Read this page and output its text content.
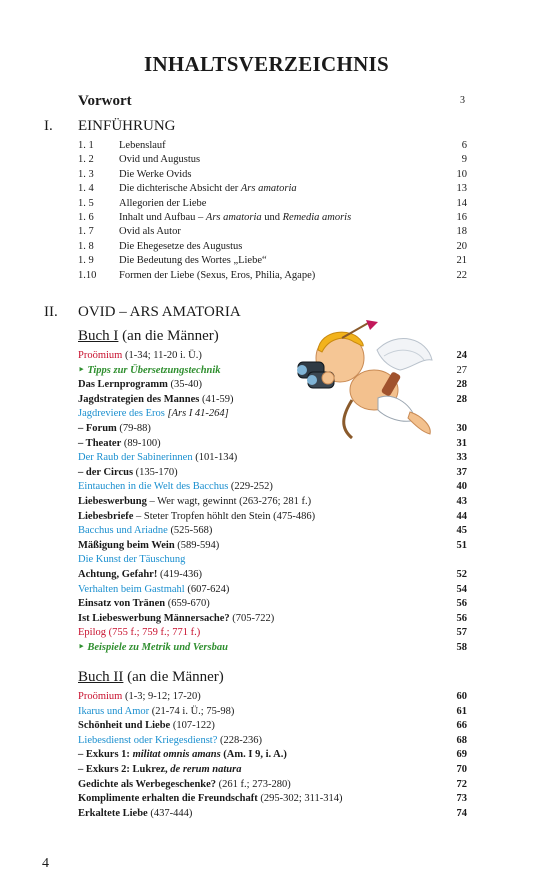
INHALTSVERZEICHNIS
Vorwort	3
I. EINFÜHRUNG
1. 1	Lebenslauf	6
1. 2	Ovid und Augustus	9
1. 3	Die Werke Ovids	10
1. 4	Die dichterische Absicht der Ars amatoria	13
1. 5	Allegorien der Liebe	14
1. 6	Inhalt und Aufbau – Ars amatoria und Remedia amoris	16
1. 7	Ovid als Autor	18
1. 8	Die Ehegesetze des Augustus	20
1. 9	Die Bedeutung des Wortes „Liebe“	21
1.10	Formen der Liebe (Sexus, Eros, Philia, Agape)	22
II. OVID – ARS AMATORIA
Buch I (an die Männer)
Proömium (1-34; 11-20 i. Ü.)	24
‣ Tipps zur Übersetzungstechnik	27
Das Lernprogramm (35-40)	28
Jagdstrategien des Mannes (41-59)	28
Jagdreviere des Eros [Ars I 41-264]
– Forum (79-88)	30
– Theater (89-100)	31
Der Raub der Sabinerinnen (101-134)	33
– der Circus (135-170)	37
Eintauchen in die Welt des Bacchus (229-252)	40
Liebeswerbung – Wer wagt, gewinnt (263-276; 281 f.)	43
Liebesbriefe – Steter Tropfen höhlt den Stein (475-486)	44
Bacchus und Ariadne (525-568)	45
Mäßigung beim Wein (589-594)	51
Die Kunst der Täuschung
Achtung, Gefahr! (419-436)	52
Verhalten beim Gastmahl (607-624)	54
Einsatz von Tränen (659-670)	56
Ist Liebeswerbung Männersache? (705-722)	56
Epilog (755 f.; 759 f.; 771 f.)	57
‣ Beispiele zu Metrik und Versbau	58
Buch II (an die Männer)
Proömium (1-3; 9-12; 17-20)	60
Ikarus und Amor (21-74 i. Ü.; 75-98)	61
Schönheit und Liebe (107-122)	66
Liebesdienst oder Kriegesdienst? (228-236)	68
– Exkurs 1: militat omnis amans (Am. I 9, i. A.)	69
– Exkurs 2: Lukrez, de rerum natura	70
Gedichte als Werbegeschenke? (261 f.; 273-280)	72
Komplimente erhalten die Freundschaft (295-302; 311-314)	73
Erkaltete Liebe (437-444)	74
4
